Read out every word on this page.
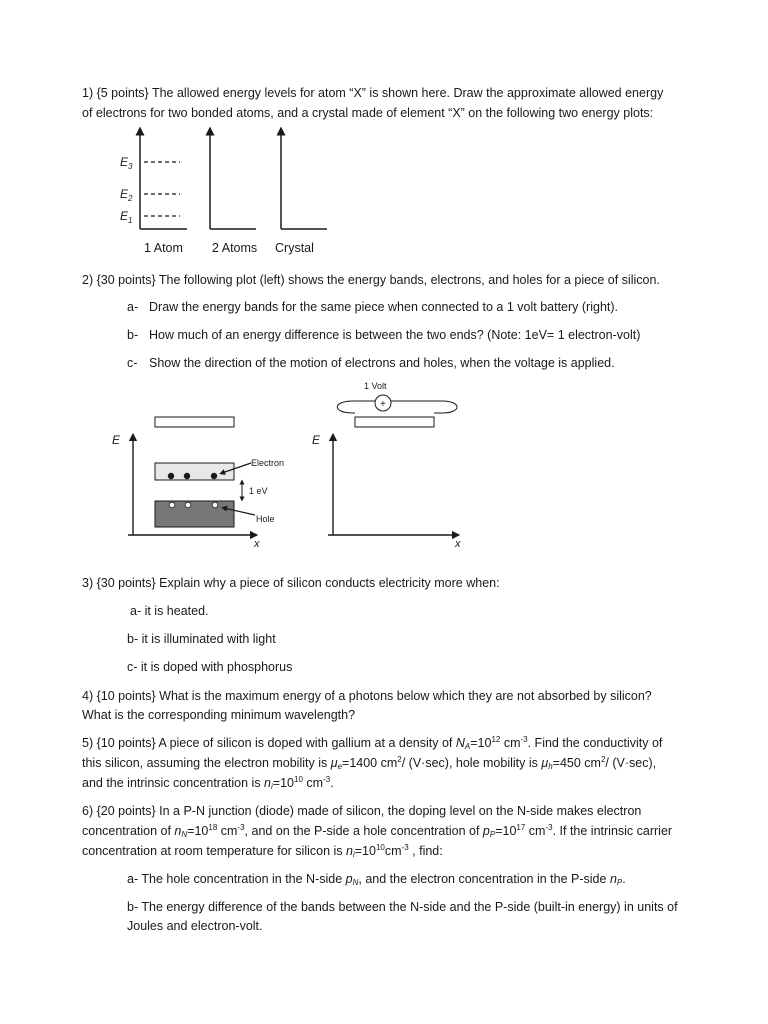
1) {5 points} The allowed energy levels for atom “X” is shown here. Draw the approximate allowed energy
of electrons for two bonded atoms, and a crystal made of element “X” on the following two energy plots:
$E_3$
$E_2$
$E_1$
1 Atom 2 Atoms Crystal
2) {30 points} The following plot (left) shows the energy bands, electrons, and holes for a piece of silicon.
a- Draw the energy bands for the same piece when connected to a 1 volt battery (right).
b- How much of an energy difference is between the two ends? (Note: 1eV= 1 electron-volt)
c- Show the direction of the motion of electrons and holes, when the voltage is applied.
E
x
Electron
1 eV
Hole
1 Volt
+
E
x
3) {30 points} Explain why a piece of silicon conducts electricity more when:
a- it is heated.
b- it is illuminated with light
c- it is doped with phosphorus
4) {10 points} What is the maximum energy of a photons below which they are not absorbed by silicon?
What is the corresponding minimum wavelength?
5) {10 points} A piece of silicon is doped with gallium at a density of $N_A=10^{12}$ $cm^{-3}$. Find the conductivity of
this silicon, assuming the electron mobility is $\mu_e=1400$ $cm^2/$ (V·sec), hole mobility is $\mu_h=450$ $cm^2/$ (V·sec),
and the intrinsic concentration is $n_i=10^{10}$ $cm^{-3}$.
6) {20 points} In a P-N junction (diode) made of silicon, the doping level on the N-side makes electron
concentration of $n_N=10^{18}$ $cm^{-3}$, and on the P-side a hole concentration of $p_P=10^{17}$ $cm^{-3}$. If the intrinsic carrier
concentration at room temperature for silicon is $n_i=10^{10}cm^{-3}$ , find:
a- The hole concentration in the N-side $p_N$, and the electron concentration in the P-side $n_P$.
b- The energy difference of the bands between the N-side and the P-side (built-in energy) in units of
Joules and electron-volt.
